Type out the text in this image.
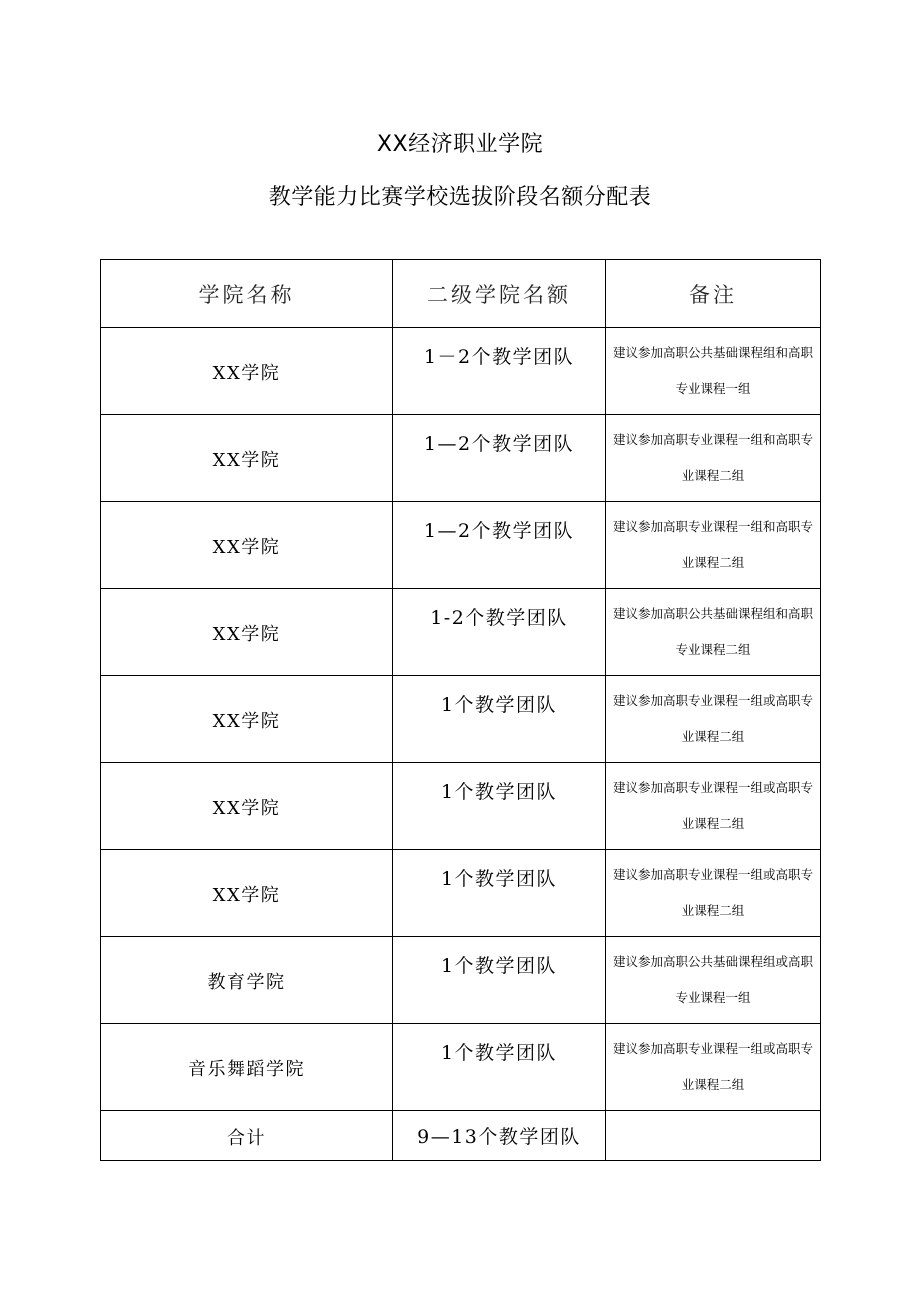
XX经济职业学院
教学能力比赛学校选拔阶段名额分配表
学院名称	二级学院名额	备注
XX学院	1－2个教学团队	建议参加高职公共基础课程组和高职专业课程一组
XX学院	1—2个教学团队	建议参加高职专业课程一组和高职专业课程二组
XX学院	1—2个教学团队	建议参加高职专业课程一组和高职专业课程二组
XX学院	1-2个教学团队	建议参加高职公共基础课程组和高职专业课程二组
XX学院	1个教学团队	建议参加高职专业课程一组或高职专业课程二组
XX学院	1个教学团队	建议参加高职专业课程一组或高职专业课程二组
XX学院	1个教学团队	建议参加高职专业课程一组或高职专业课程二组
教育学院	1个教学团队	建议参加高职公共基础课程组或高职专业课程一组
音乐舞蹈学院	1个教学团队	建议参加高职专业课程一组或高职专业课程二组
合计	9—13个教学团队	
